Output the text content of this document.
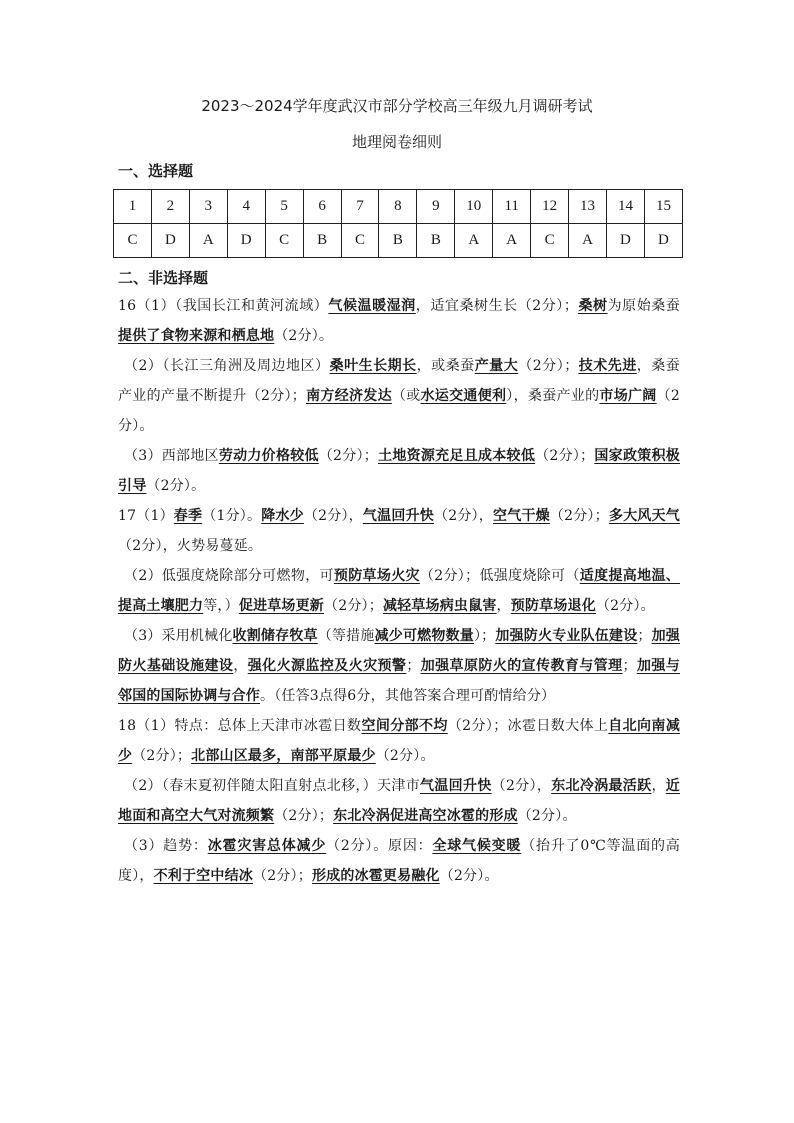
2023～2024学年度武汉市部分学校高三年级九月调研考试
地理阅卷细则
一、选择题
1	2	3	4	5	6	7	8	9	10	11	12	13	14	15
C	D	A	D	C	B	C	B	B	A	A	C	A	D	D
二、非选择题

16（1）（我国长江和黄河流域）气候温暖湿润，适宜桑树生长（2分）；桑树为原始桑蚕提供了食物来源和栖息地（2分）。

（2）（长江三角洲及周边地区）桑叶生长期长，或桑蚕产量大（2分）；技术先进，桑蚕产业的产量不断提升（2分）；南方经济发达（或水运交通便利），桑蚕产业的市场广阔（2分）。

（3）西部地区劳动力价格较低（2分）；土地资源充足且成本较低（2分）；国家政策积极引导（2分）。

17（1）春季（1分）。降水少（2分），气温回升快（2分），空气干燥（2分）；多大风天气（2分），火势易蔓延。

（2）低强度烧除部分可燃物，可预防草场火灾（2分）；低强度烧除可（适度提高地温、提高土壤肥力等，）促进草场更新（2分）；减轻草场病虫鼠害，预防草场退化（2分）。

（3）采用机械化收割储存牧草（等措施减少可燃物数量）；加强防火专业队伍建设；加强防火基础设施建设，强化火源监控及火灾预警；加强草原防火的宣传教育与管理；加强与邻国的国际协调与合作。（任答3点得6分，其他答案合理可酌情给分）

18（1）特点：总体上天津市冰雹日数空间分部不均（2分）；冰雹日数大体上自北向南减少（2分）；北部山区最多，南部平原最少（2分）。

（2）（春末夏初伴随太阳直射点北移，）天津市气温回升快（2分），东北冷涡最活跃，近地面和高空大气对流频繁（2分）；东北冷涡促进高空冰雹的形成（2分）。

（3）趋势：冰雹灾害总体减少（2分）。原因：全球气候变暖（抬升了0℃等温面的高度），不利于空中结冰（2分）；形成的冰雹更易融化（2分）。
